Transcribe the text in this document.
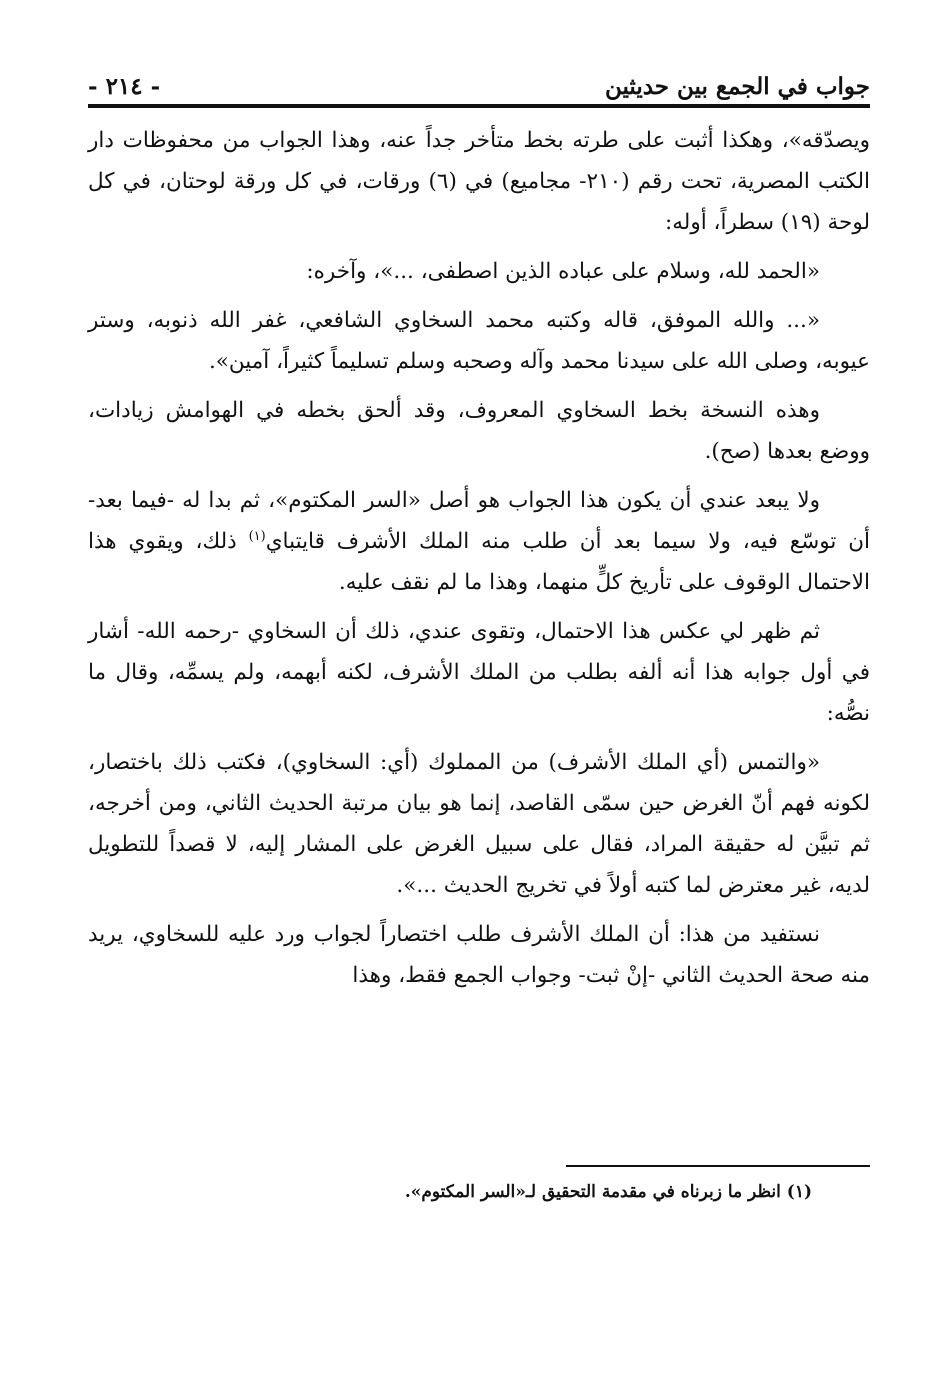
جواب في الجمع بين حديثين
- ٢١٤ -

ويصدّقه»، وهكذا أثبت على طرته بخط متأخر جداً عنه، وهذا الجواب من محفوظات دار الكتب المصرية، تحت رقم (٢١٠- مجاميع) في (٦) ورقات، في كل ورقة لوحتان، في كل لوحة (١٩) سطراً، أوله:

«الحمد لله، وسلام على عباده الذين اصطفى، ...»، وآخره:

«... والله الموفق، قاله وكتبه محمد السخاوي الشافعي، غفر الله ذنوبه، وستر عيوبه، وصلى الله على سيدنا محمد وآله وصحبه وسلم تسليماً كثيراً، آمين».

وهذه النسخة بخط السخاوي المعروف، وقد ألحق بخطه في الهوامش زيادات، ووضع بعدها (صح).

ولا يبعد عندي أن يكون هذا الجواب هو أصل «السر المكتوم»، ثم بدا له -فيما بعد- أن توسّع فيه، ولا سيما بعد أن طلب منه الملك الأشرف قايتباي$^{(١)}$ ذلك، ويقوي هذا الاحتمال الوقوف على تأريخ كلٍّ منهما، وهذا ما لم نقف عليه.

ثم ظهر لي عكس هذا الاحتمال، وتقوى عندي، ذلك أن السخاوي -رحمه الله- أشار في أول جوابه هذا أنه ألفه بطلب من الملك الأشرف، لكنه أبهمه، ولم يسمِّه، وقال ما نصُّه:

«والتمس (أي الملك الأشرف) من المملوك (أي: السخاوي)، فكتب ذلك باختصار، لكونه فهم أنّ الغرض حين سمّى القاصد، إنما هو بيان مرتبة الحديث الثاني، ومن أخرجه، ثم تبيَّن له حقيقة المراد، فقال على سبيل الغرض على المشار إليه، لا قصداً للتطويل لديه، غير معترض لما كتبه أولاً في تخريج الحديث ...».

نستفيد من هذا: أن الملك الأشرف طلب اختصاراً لجواب ورد عليه للسخاوي، يريد منه صحة الحديث الثاني -إنْ ثبت- وجواب الجمع فقط، وهذا

(١) انظر ما زبرناه في مقدمة التحقيق لـ«السر المكتوم».
